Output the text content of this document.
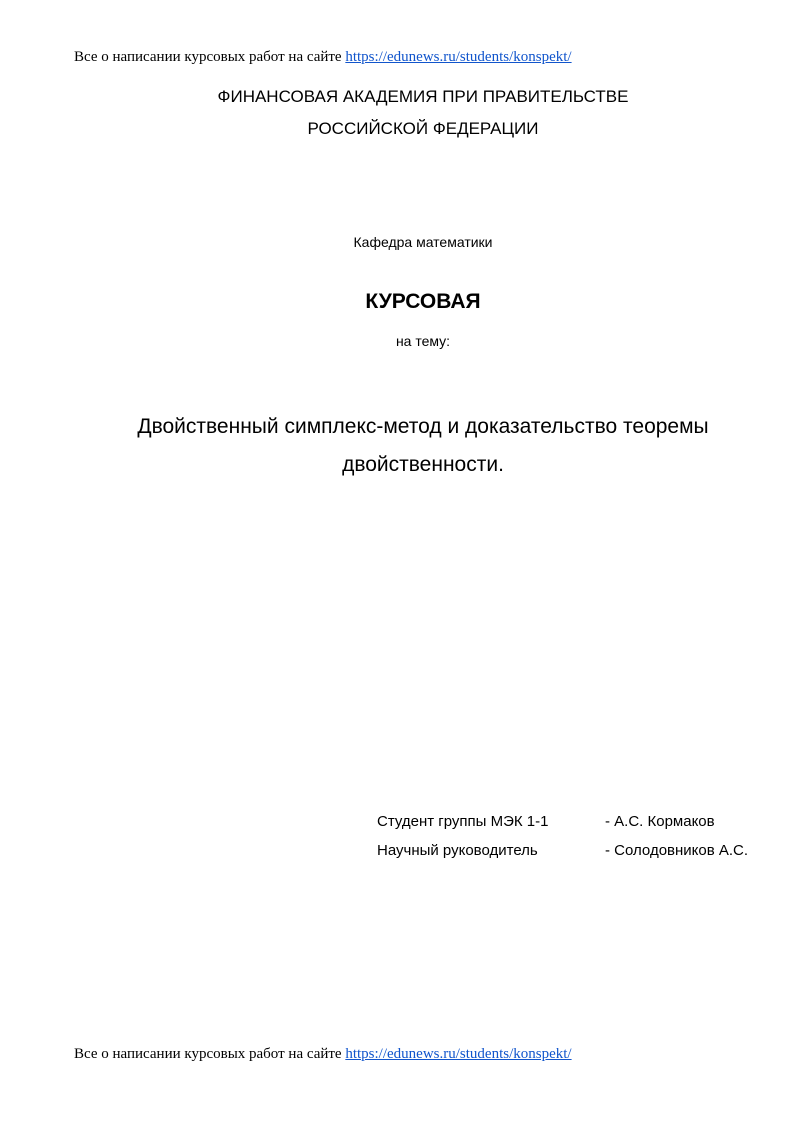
Все о написании курсовых работ на сайте https://edunews.ru/students/konspekt/
ФИНАНСОВАЯ АКАДЕМИЯ ПРИ ПРАВИТЕЛЬСТВЕ
РОССИЙСКОЙ ФЕДЕРАЦИИ
Кафедра математики
КУРСОВАЯ
на тему:
Двойственный симплекс-метод и доказательство теоремы
двойственности.
Студент группы МЭК 1-1	- А.С. Кормаков
Научный руководитель	- Солодовников А.С.
Все о написании курсовых работ на сайте https://edunews.ru/students/konspekt/
